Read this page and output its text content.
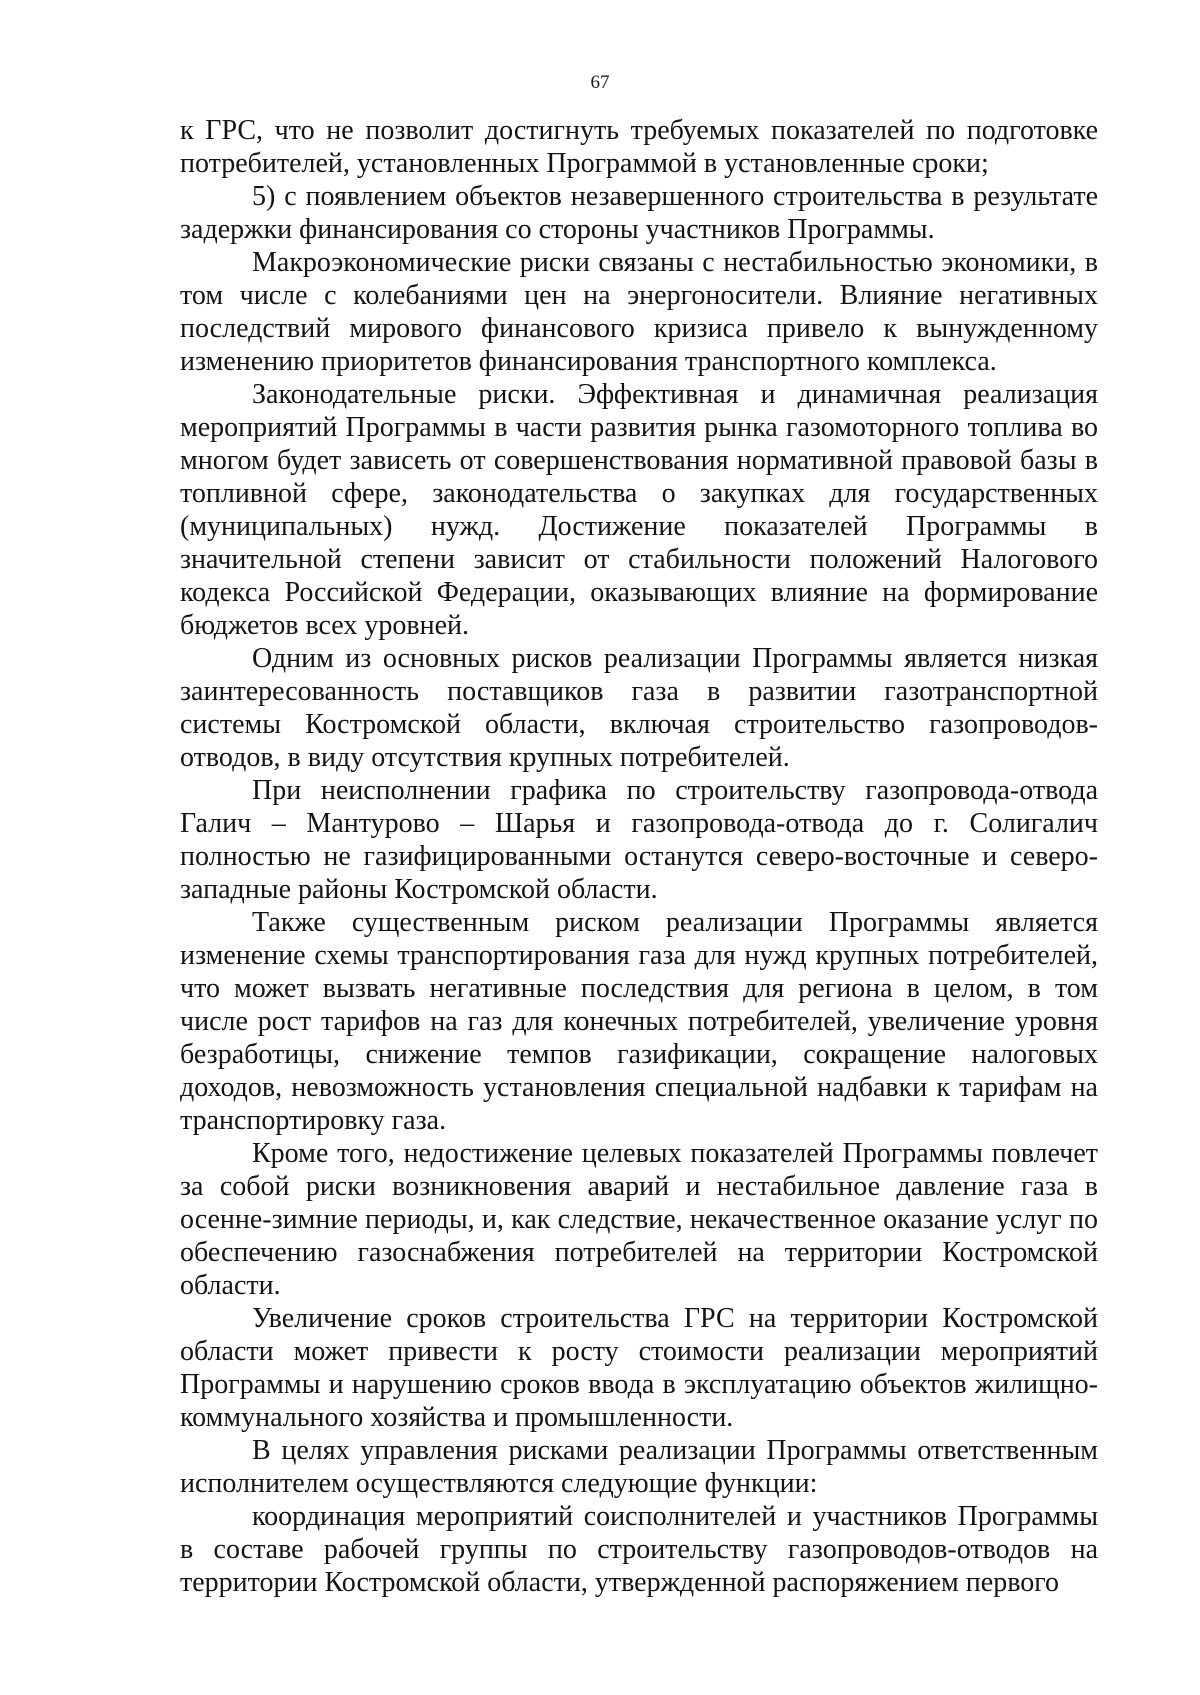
67

к ГРС, что не позволит достигнуть требуемых показателей по подготовке потребителей, установленных Программой в установленные сроки;

5) с появлением объектов незавершенного строительства в результате задержки финансирования со стороны участников Программы.

Макроэкономические риски связаны с нестабильностью экономики, в том числе с колебаниями цен на энергоносители. Влияние негативных последствий мирового финансового кризиса привело к вынужденному изменению приоритетов финансирования транспортного комплекса.

Законодательные риски. Эффективная и динамичная реализация мероприятий Программы в части развития рынка газомоторного топлива во многом будет зависеть от совершенствования нормативной правовой базы в топливной сфере, законодательства о закупках для государственных (муниципальных) нужд. Достижение показателей Программы в значительной степени зависит от стабильности положений Налогового кодекса Российской Федерации, оказывающих влияние на формирование бюджетов всех уровней.

Одним из основных рисков реализации Программы является низкая заинтересованность поставщиков газа в развитии газотранспортной системы Костромской области, включая строительство газопроводов-отводов, в виду отсутствия крупных потребителей.

При неисполнении графика по строительству газопровода-отвода Галич – Мантурово – Шарья и газопровода-отвода до г. Солигалич полностью не газифицированными останутся северо-восточные и северо-западные районы Костромской области.

Также существенным риском реализации Программы является изменение схемы транспортирования газа для нужд крупных потребителей, что может вызвать негативные последствия для региона в целом, в том числе рост тарифов на газ для конечных потребителей, увеличение уровня безработицы, снижение темпов газификации, сокращение налоговых доходов, невозможность установления специальной надбавки к тарифам на транспортировку газа.

Кроме того, недостижение целевых показателей Программы повлечет за собой риски возникновения аварий и нестабильное давление газа в осенне-зимние периоды, и, как следствие, некачественное оказание услуг по обеспечению газоснабжения потребителей на территории Костромской области.

Увеличение сроков строительства ГРС на территории Костромской области может привести к росту стоимости реализации мероприятий Программы и нарушению сроков ввода в эксплуатацию объектов жилищно-коммунального хозяйства и промышленности.

В целях управления рисками реализации Программы ответственным исполнителем осуществляются следующие функции:

координация мероприятий соисполнителей и участников Программы в составе рабочей группы по строительству газопроводов-отводов на территории Костромской области, утвержденной распоряжением первого
